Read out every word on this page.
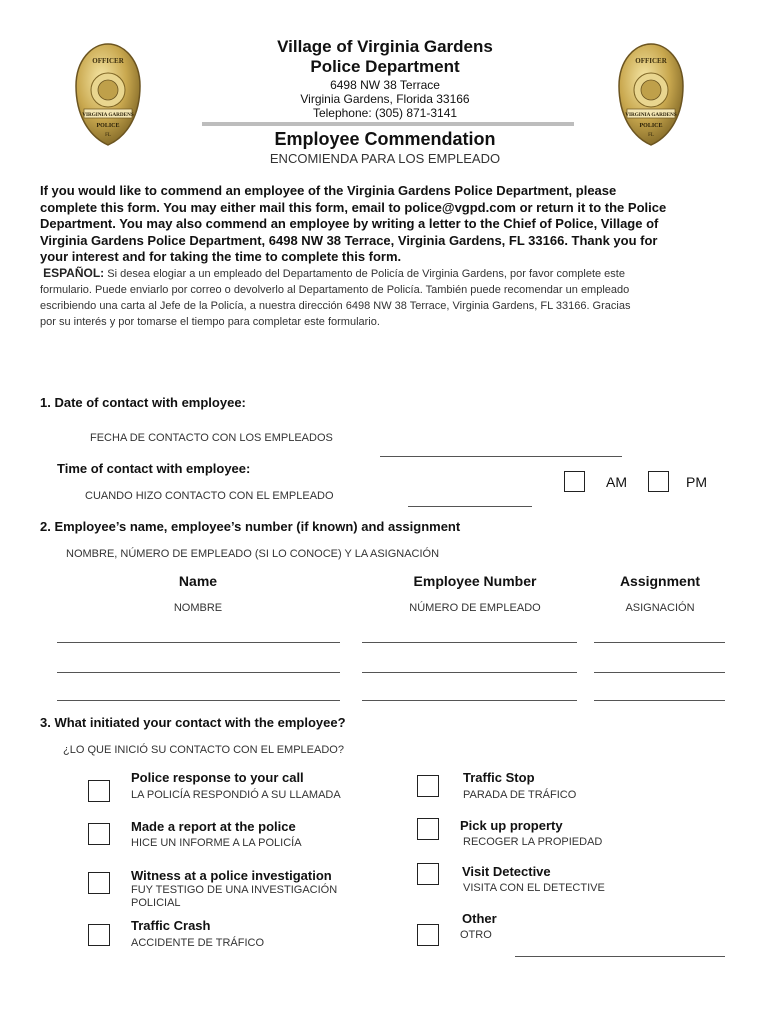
OFFICER
VIRGINIA GARDENS
POLICE
FL
OFFICER
VIRGINIA GARDENS
POLICE
FL
Village of Virginia Gardens
Police Department
6498 NW 38 Terrace
Virginia Gardens, Florida 33166
Telephone: (305) 871-3141
Employee Commendation
ENCOMIENDA PARA LOS EMPLEADO
If you would like to commend an employee of the Virginia Gardens Police Department, please
complete this form. You may either mail this form, email to police@vgpd.com or return it to the Police
Department. You may also commend an employee by writing a letter to the Chief of Police, Village of
Virginia Gardens Police Department, 6498 NW 38 Terrace, Virginia Gardens, FL 33166. Thank you for
your interest and for taking the time to complete this form.
ESPAÑOL: Si desea elogiar a un empleado del Departamento de Policía de Virginia Gardens, por favor complete este
formulario. Puede enviarlo por correo o devolverlo al Departamento de Policía. También puede recomendar un empleado
escribiendo una carta al Jefe de la Policía, a nuestra dirección 6498 NW 38 Terrace, Virginia Gardens, FL 33166. Gracias
por su interés y por tomarse el tiempo para completar este formulario.
1. Date of contact with employee:
FECHA DE CONTACTO CON LOS EMPLEADOS
Time of contact with employee:
CUANDO HIZO CONTACTO CON EL EMPLEADO
AM	PM
2. Employee’s name, employee’s number (if known) and assignment
NOMBRE, NÚMERO DE EMPLEADO (SI LO CONOCE) Y LA ASIGNACIÓN
Name
NOMBRE
Employee Number
NÚMERO DE EMPLEADO
Assignment
ASIGNACIÓN
3. What initiated your contact with the employee?
¿LO QUE INICIÓ SU CONTACTO CON EL EMPLEADO?
Police response to your call
LA POLICÍA RESPONDIÓ A SU LLAMADA
Made a report at the police
HICE UN INFORME A LA POLICÍA
Witness at a police investigation
FUY TESTIGO DE UNA INVESTIGACIÓN
POLICIAL
Traffic Crash
ACCIDENTE DE TRÁFICO
Traffic Stop
PARADA DE TRÁFICO
Pick up property
RECOGER LA PROPIEDAD
Visit Detective
VISITA CON EL DETECTIVE
Other
OTRO
